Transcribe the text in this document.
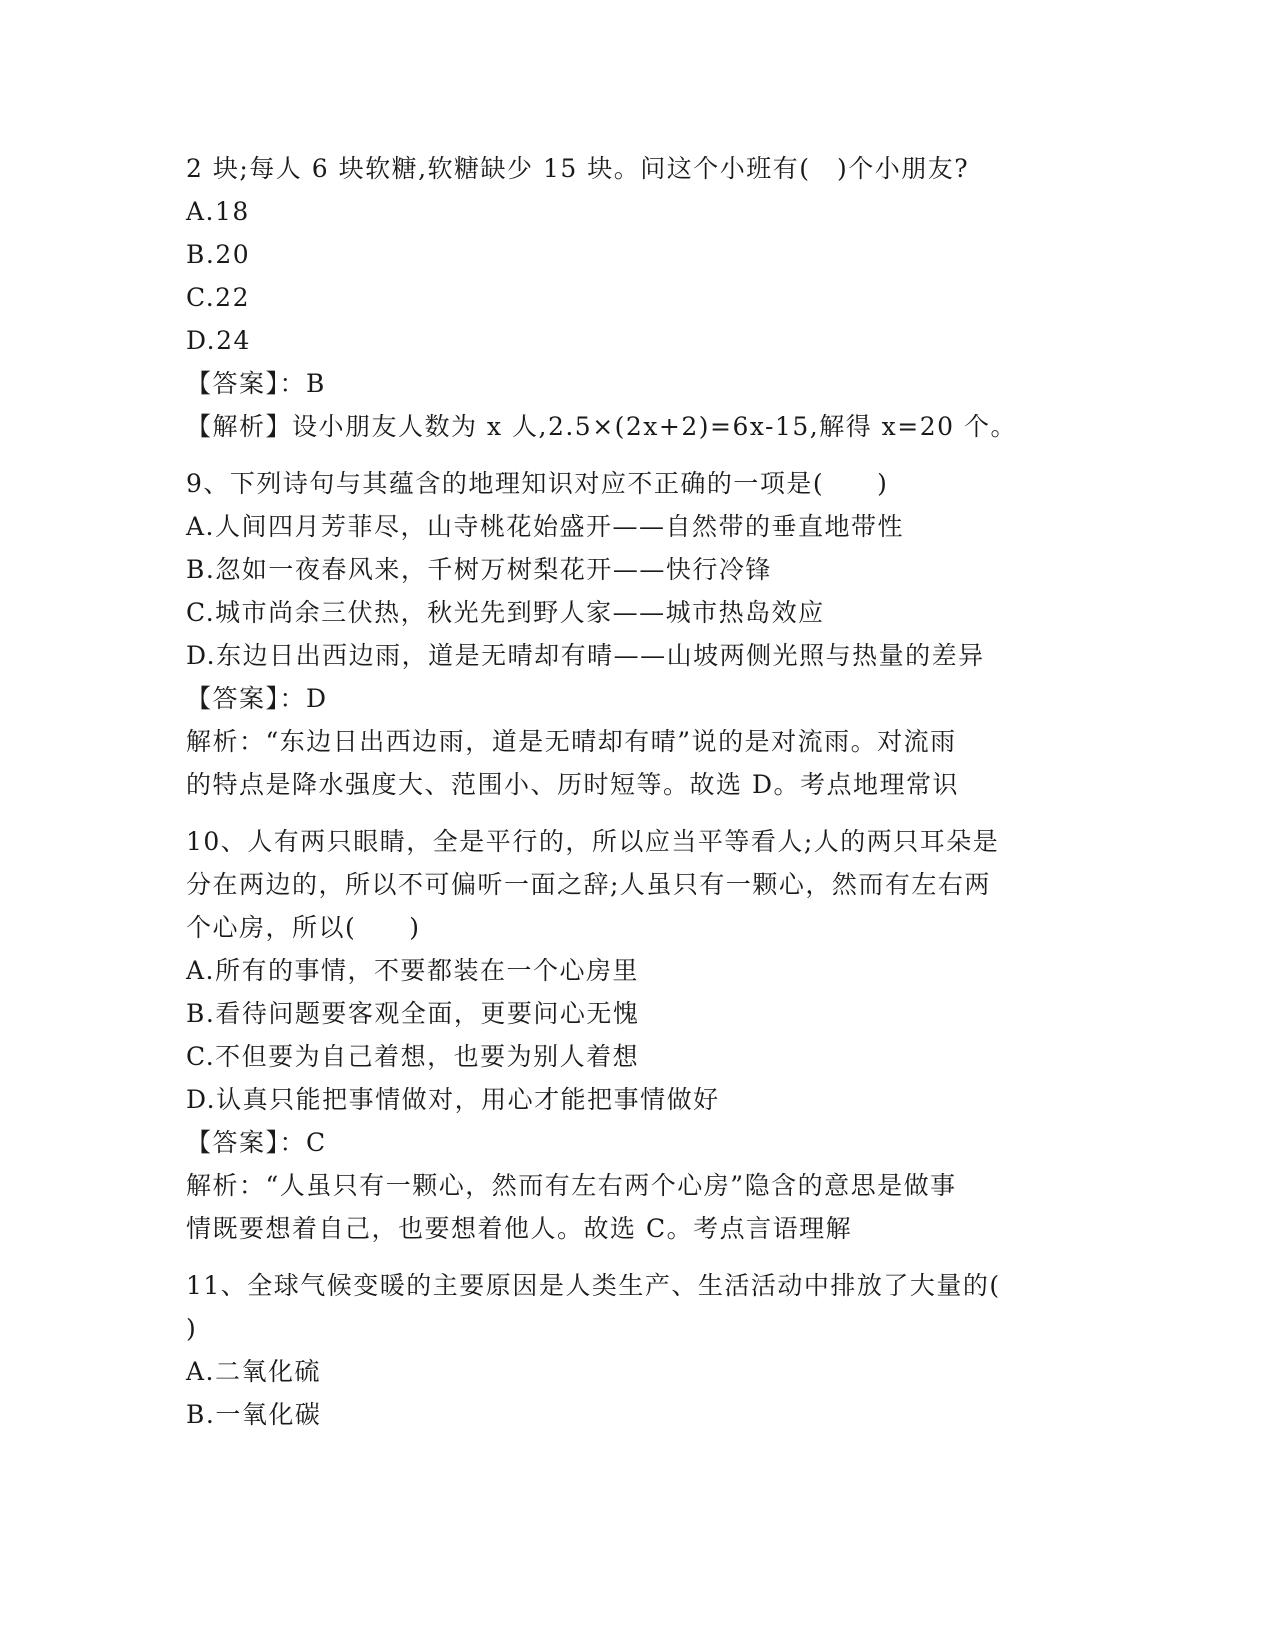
2 块;每人 6 块软糖,软糖缺少 15 块。问这个小班有(　)个小朋友?
A.18
B.20
C.22
D.24
【答案】：B
【解析】设小朋友人数为 x 人,2.5×(2x+2)=6x-15,解得 x=20 个。
9、下列诗句与其蕴含的地理知识对应不正确的一项是(　　)
A.人间四月芳菲尽，山寺桃花始盛开——自然带的垂直地带性
B.忽如一夜春风来，千树万树梨花开——快行冷锋
C.城市尚余三伏热，秋光先到野人家——城市热岛效应
D.东边日出西边雨，道是无晴却有晴——山坡两侧光照与热量的差异
【答案】：D
解析：“东边日出西边雨，道是无晴却有晴”说的是对流雨。对流雨
的特点是降水强度大、范围小、历时短等。故选 D。考点地理常识
10、人有两只眼睛，全是平行的，所以应当平等看人;人的两只耳朵是
分在两边的，所以不可偏听一面之辞;人虽只有一颗心，然而有左右两
个心房，所以(　　)
A.所有的事情，不要都装在一个心房里
B.看待问题要客观全面，更要问心无愧
C.不但要为自己着想，也要为别人着想
D.认真只能把事情做对，用心才能把事情做好
【答案】：C
解析：“人虽只有一颗心，然而有左右两个心房”隐含的意思是做事
情既要想着自己，也要想着他人。故选 C。考点言语理解
11、全球气候变暖的主要原因是人类生产、生活活动中排放了大量的(
)
A.二氧化硫
B.一氧化碳
